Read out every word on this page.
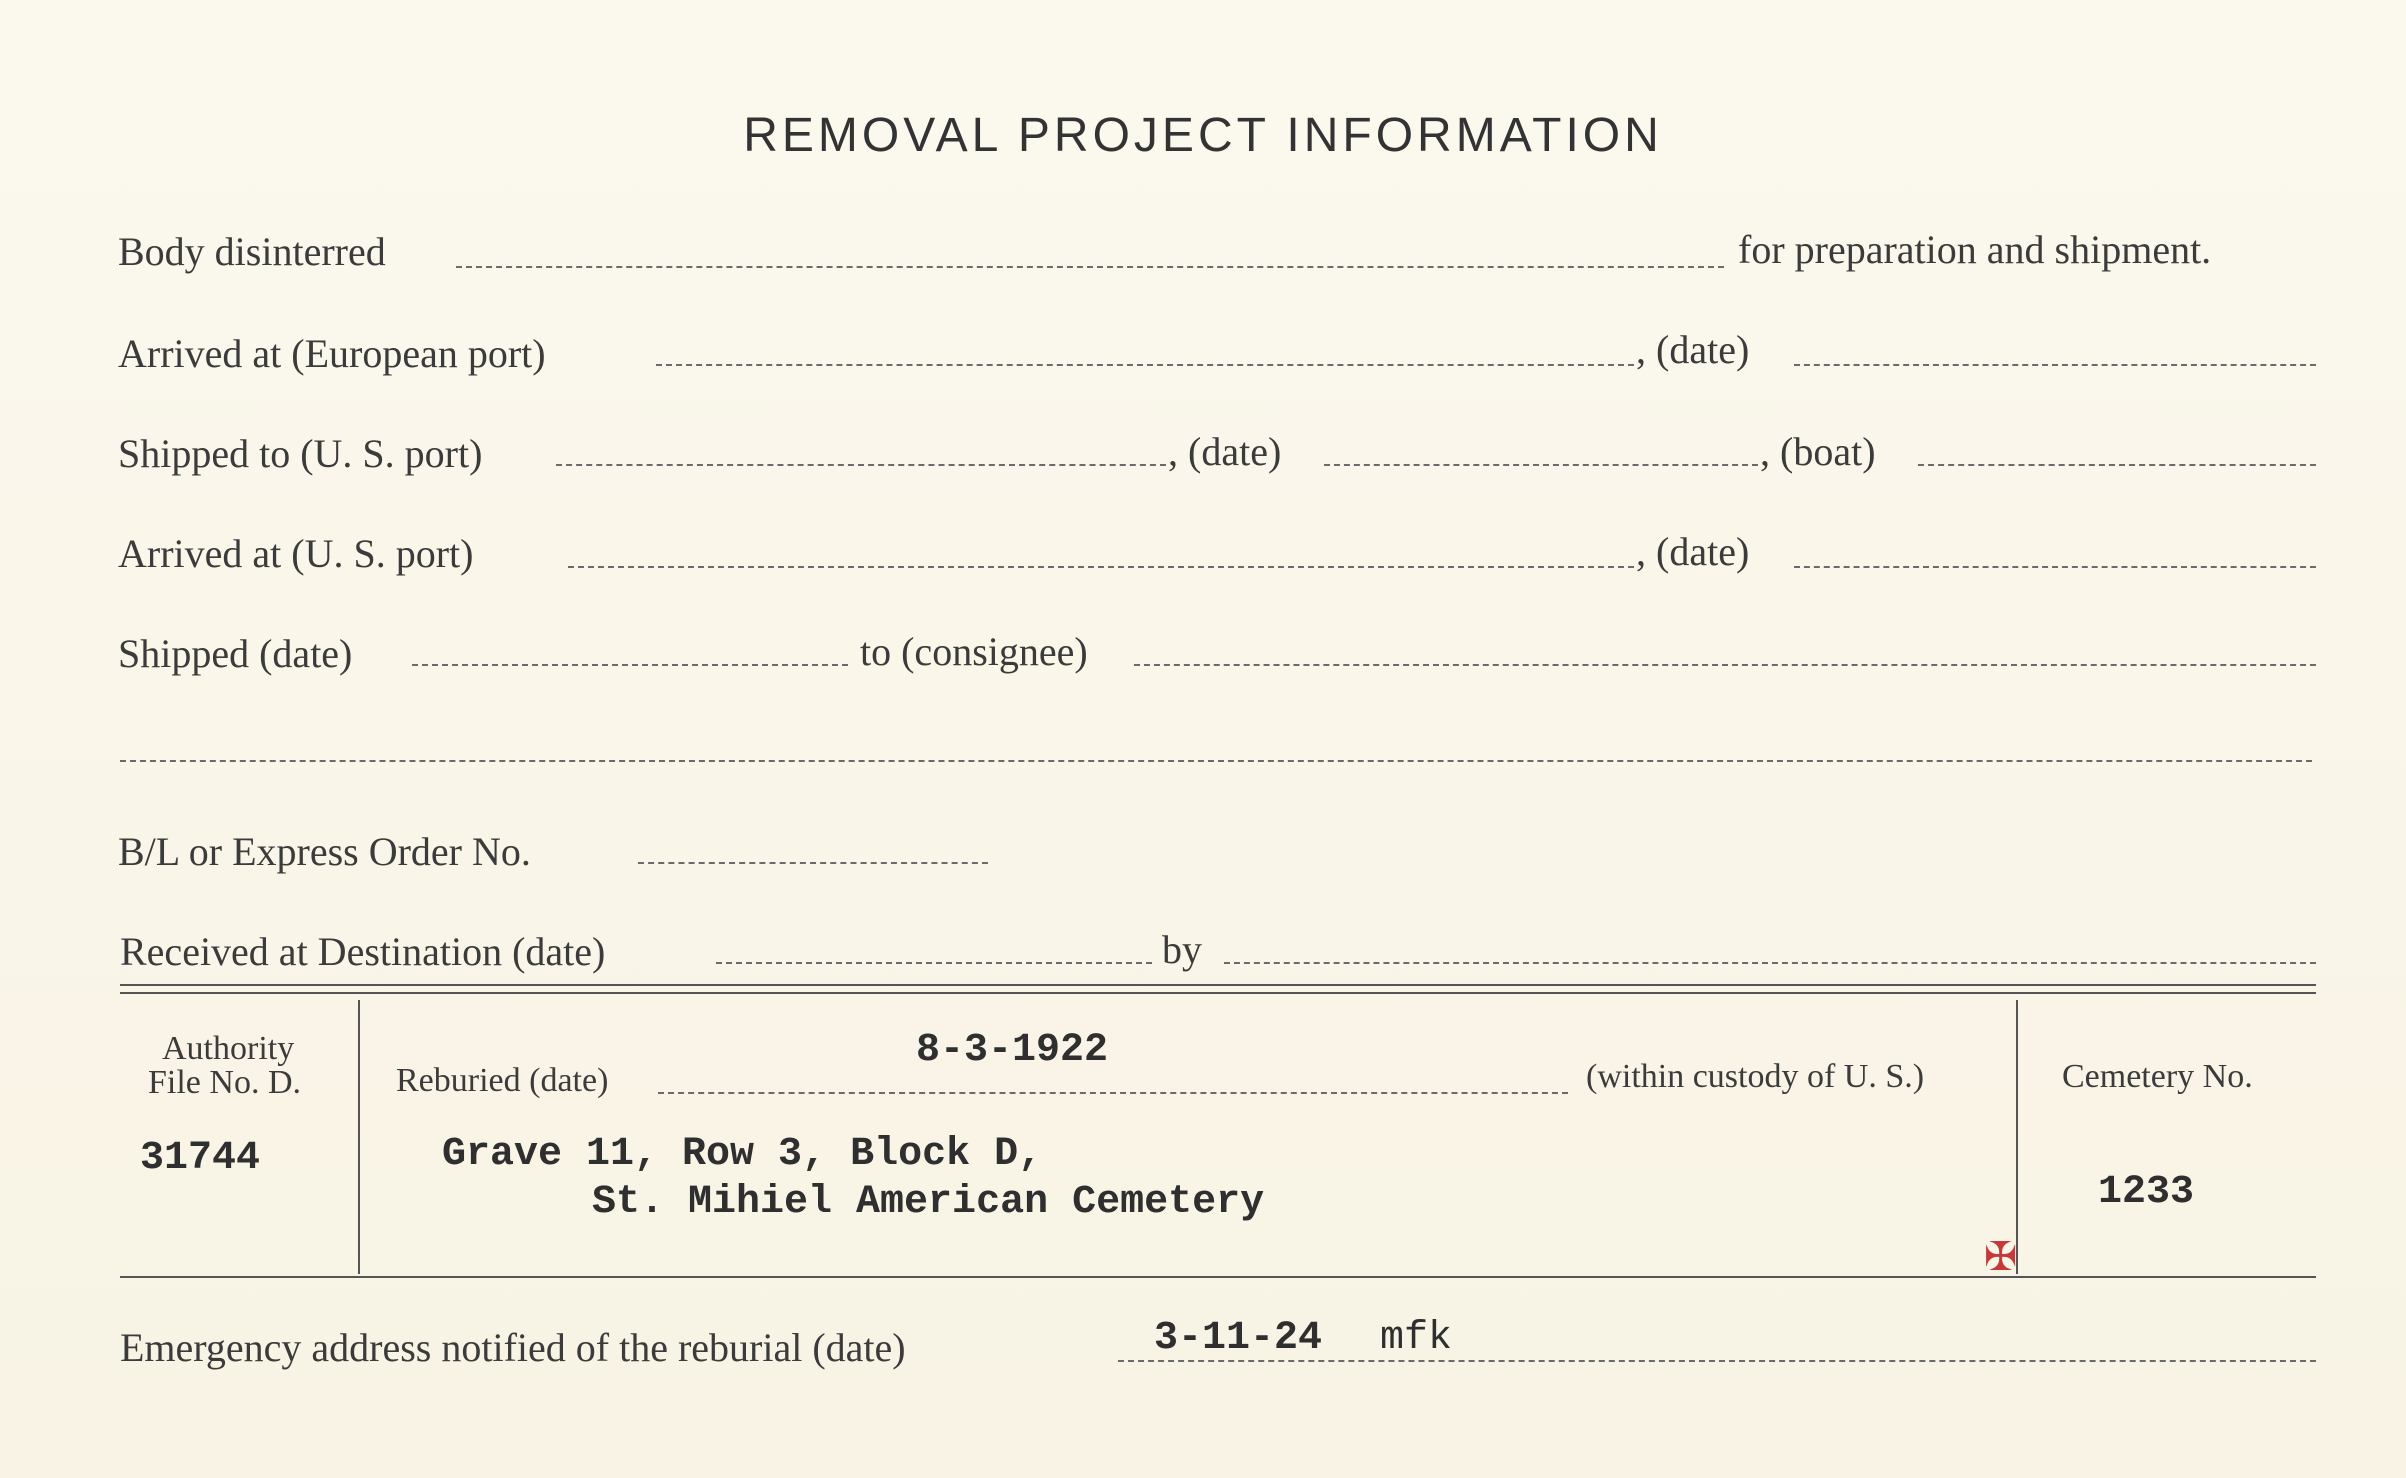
REMOVAL PROJECT INFORMATION
Body disinterred	for preparation and shipment.
Arrived at (European port)	, (date)
Shipped to (U. S. port)	, (date)	, (boat)
Arrived at (U. S. port)	, (date)
Shipped (date)	to (consignee)
B/L or Express Order No.
Received at Destination (date)	by
Authority
File No. D.
31744
Reburied (date)
8-3-1922
(within custody of U. S.)
Grave 11, Row 3, Block D,
St. Mihiel American Cemetery
Cemetery No.
1233
✠
Emergency address notified of the reburial (date)	3-11-24 mfk
